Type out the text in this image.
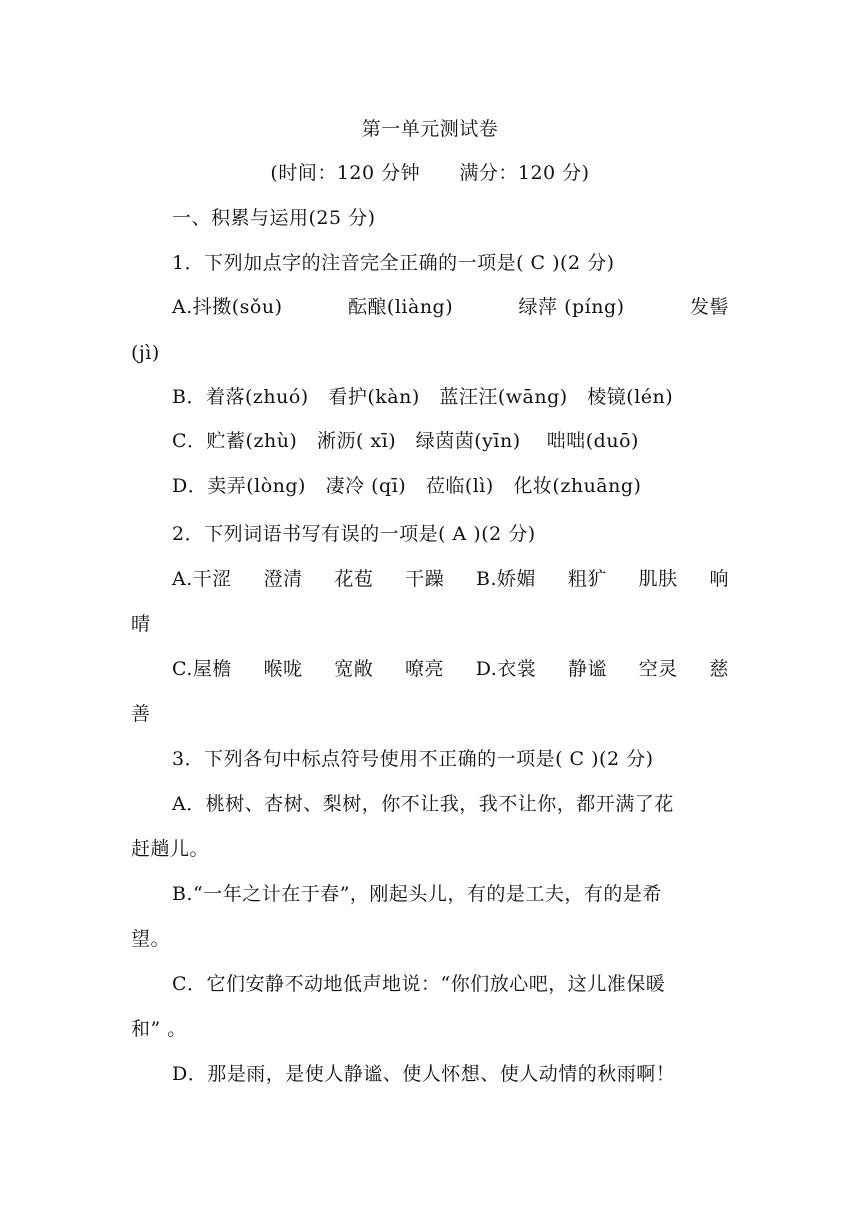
第一单元测试卷
(时间：120 分钟      满分：120 分)
一、积累与运用(25 分)
1．下列加点字的注音完全正确的一项是( C )(2 分)
A.抖擞(sǒu)	酝酿(liàng)	绿萍 (píng)	发髻
(jì)
B．着落(zhuó)   看护(kàn)   蓝汪汪(wāng)   棱镜(lén)
C．贮蓄(zhù)   淅沥( xī)   绿茵茵(yīn)    咄咄(duō)
D．卖弄(lòng)   凄冷 (qī)   莅临(lì)   化妆(zhuāng)
2．下列词语书写有误的一项是( A )(2 分)
A.干涩 澄清 花苞 干躁 B.娇媚 粗犷 肌肤 响
晴
C.屋檐 喉咙 宽敞 嘹亮 D.衣裳 静谧 空灵 慈
善
3．下列各句中标点符号使用不正确的一项是( C )(2 分)
A．桃树、杏树、梨树，你不让我，我不让你，都开满了花
赶趟儿。
B.“一年之计在于春”，刚起头儿，有的是工夫，有的是希
望。
C．它们安静不动地低声地说：“你们放心吧，这儿准保暖
和” 。
D．那是雨，是使人静谧、使人怀想、使人动情的秋雨啊！
